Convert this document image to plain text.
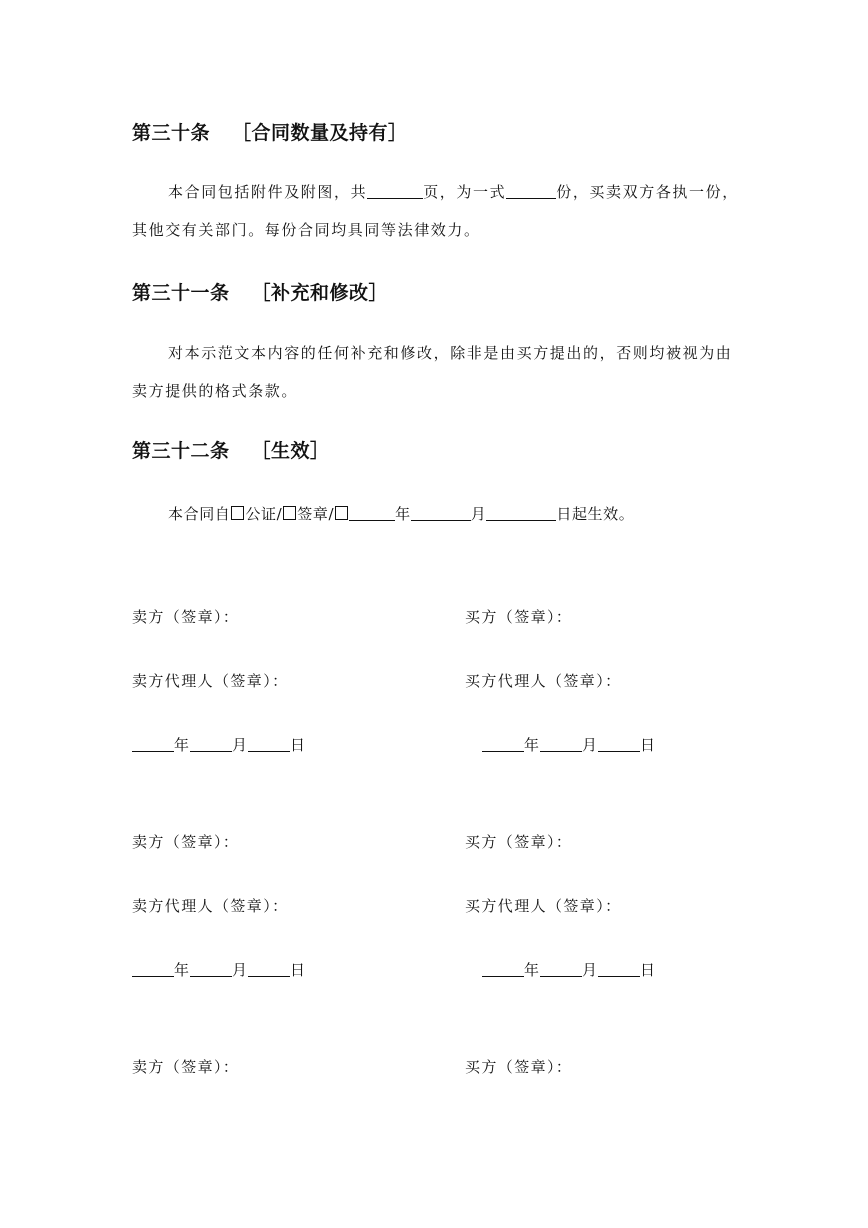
第三十条 ［合同数量及持有］

本合同包括附件及附图，共	页，为一式	份，买卖双方各执一份，其他交有关部门。每份合同均具同等法律效力。

第三十一条 ［补充和修改］

对本示范文本内容的任何补充和修改，除非是由买方提出的，否则均被视为由卖方提供的格式条款。

第三十二条 ［生效］

本合同自 公证/ 签章/	年	月	日起生效。

卖方（签章）：	买方（签章）：
卖方代理人（签章）：	买方代理人（签章）：
年	月	日	年	月	日
卖方（签章）：	买方（签章）：
卖方代理人（签章）：	买方代理人（签章）：
年	月	日	年	月	日
卖方（签章）：	买方（签章）：
